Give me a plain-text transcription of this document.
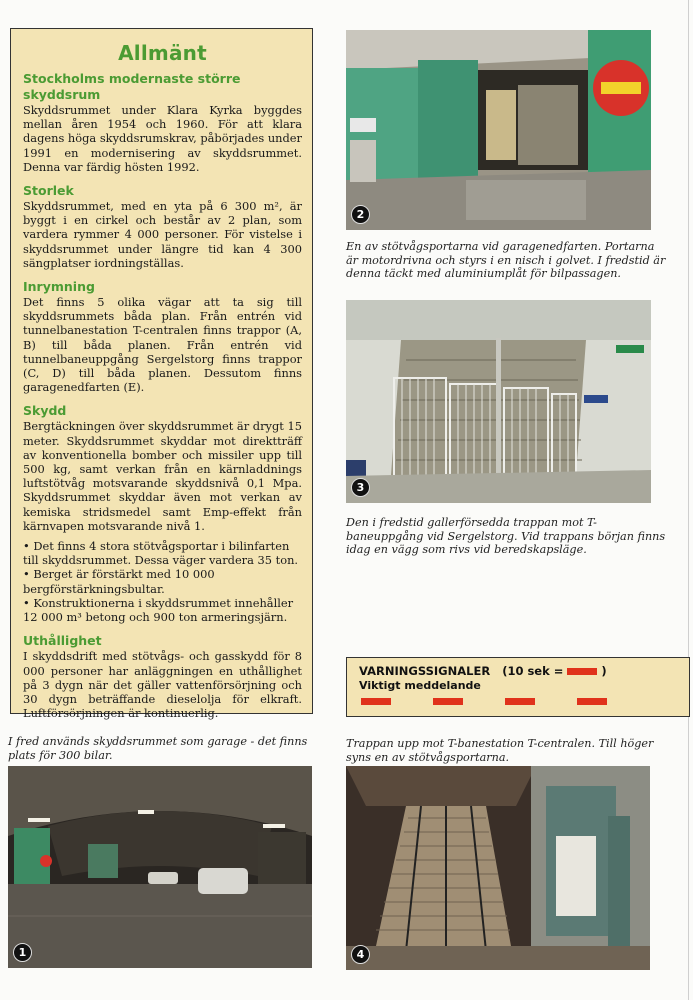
Allmänt
Stockholms modernaste större skyddsrum

Skyddsrummet under Klara Kyrka byggdes mellan åren 1954 och 1960. För att klara dagens höga skyddsrumskrav, påbörjades under 1991 en modernisering av skyddsrummet. Denna var färdig hösten 1992.

Storlek

Skyddsrummet, med en yta på 6 300 m², är byggt i en cirkel och består av 2 plan, som vardera rymmer 4 000 personer. För vistelse i skyddsrummet under längre tid kan 4 300 sängplatser iordningställas.

Inrymning

Det finns 5 olika vägar att ta sig till skyddsrummets båda plan. Från entrén vid tunnelbanestation T-centralen finns trappor (A, B) till båda planen. Från entrén vid tunnelbaneuppgång Sergelstorg finns trappor (C, D) till båda planen. Dessutom finns garagenedfarten (E).

Skydd

Bergtäckningen över skyddsrummet är drygt 15 meter. Skyddsrummet skyddar mot direktträff av konventionella bomber och missiler upp till 500 kg, samt verkan från en kärnladdnings luftstötvåg motsvarande skyddsnivå 0,1 Mpa. Skyddsrummet skyddar även mot verkan av kemiska stridsmedel samt Emp-effekt från kärnvapen motsvarande nivå 1.

• Det finns 4 stora stötvågsportar i bilinfarten till skyddsrummet. Dessa väger vardera 35 ton.

• Berget är förstärkt med 10 000 bergförstärkningsbultar.

• Konstruktionerna i skyddsrummet innehåller 12 000 m³ betong och 900 ton armeringsjärn.

Uthållighet

I skyddsdrift med stötvågs- och gasskydd för 8 000 personer har anläggningen en uthållighet på 3 dygn när det gäller vattenförsörjning och 30 dygn beträffande dieselolja för elkraft. Luftförsörjningen är kontinuerlig.

2
En av stötvågsportarna vid garagenedfarten. Portarna är motordrivna och styrs i en nisch i golvet. I fredstid är denna täckt med aluminiumplåt för bilpassagen.
3
Den i fredstid gallerförsedda trappan mot T-baneuppgång vid Sergelstorg. Vid trappans början finns idag en vägg som rivs vid beredskapsläge.
VARNINGSSIGNALER (10 sek =	)
Viktigt meddelande
I fred används skyddsrummet som garage - det finns plats för 300 bilar.
1
Trappan upp mot T-banestation T-centralen. Till höger syns en av stötvågsportarna.
4
